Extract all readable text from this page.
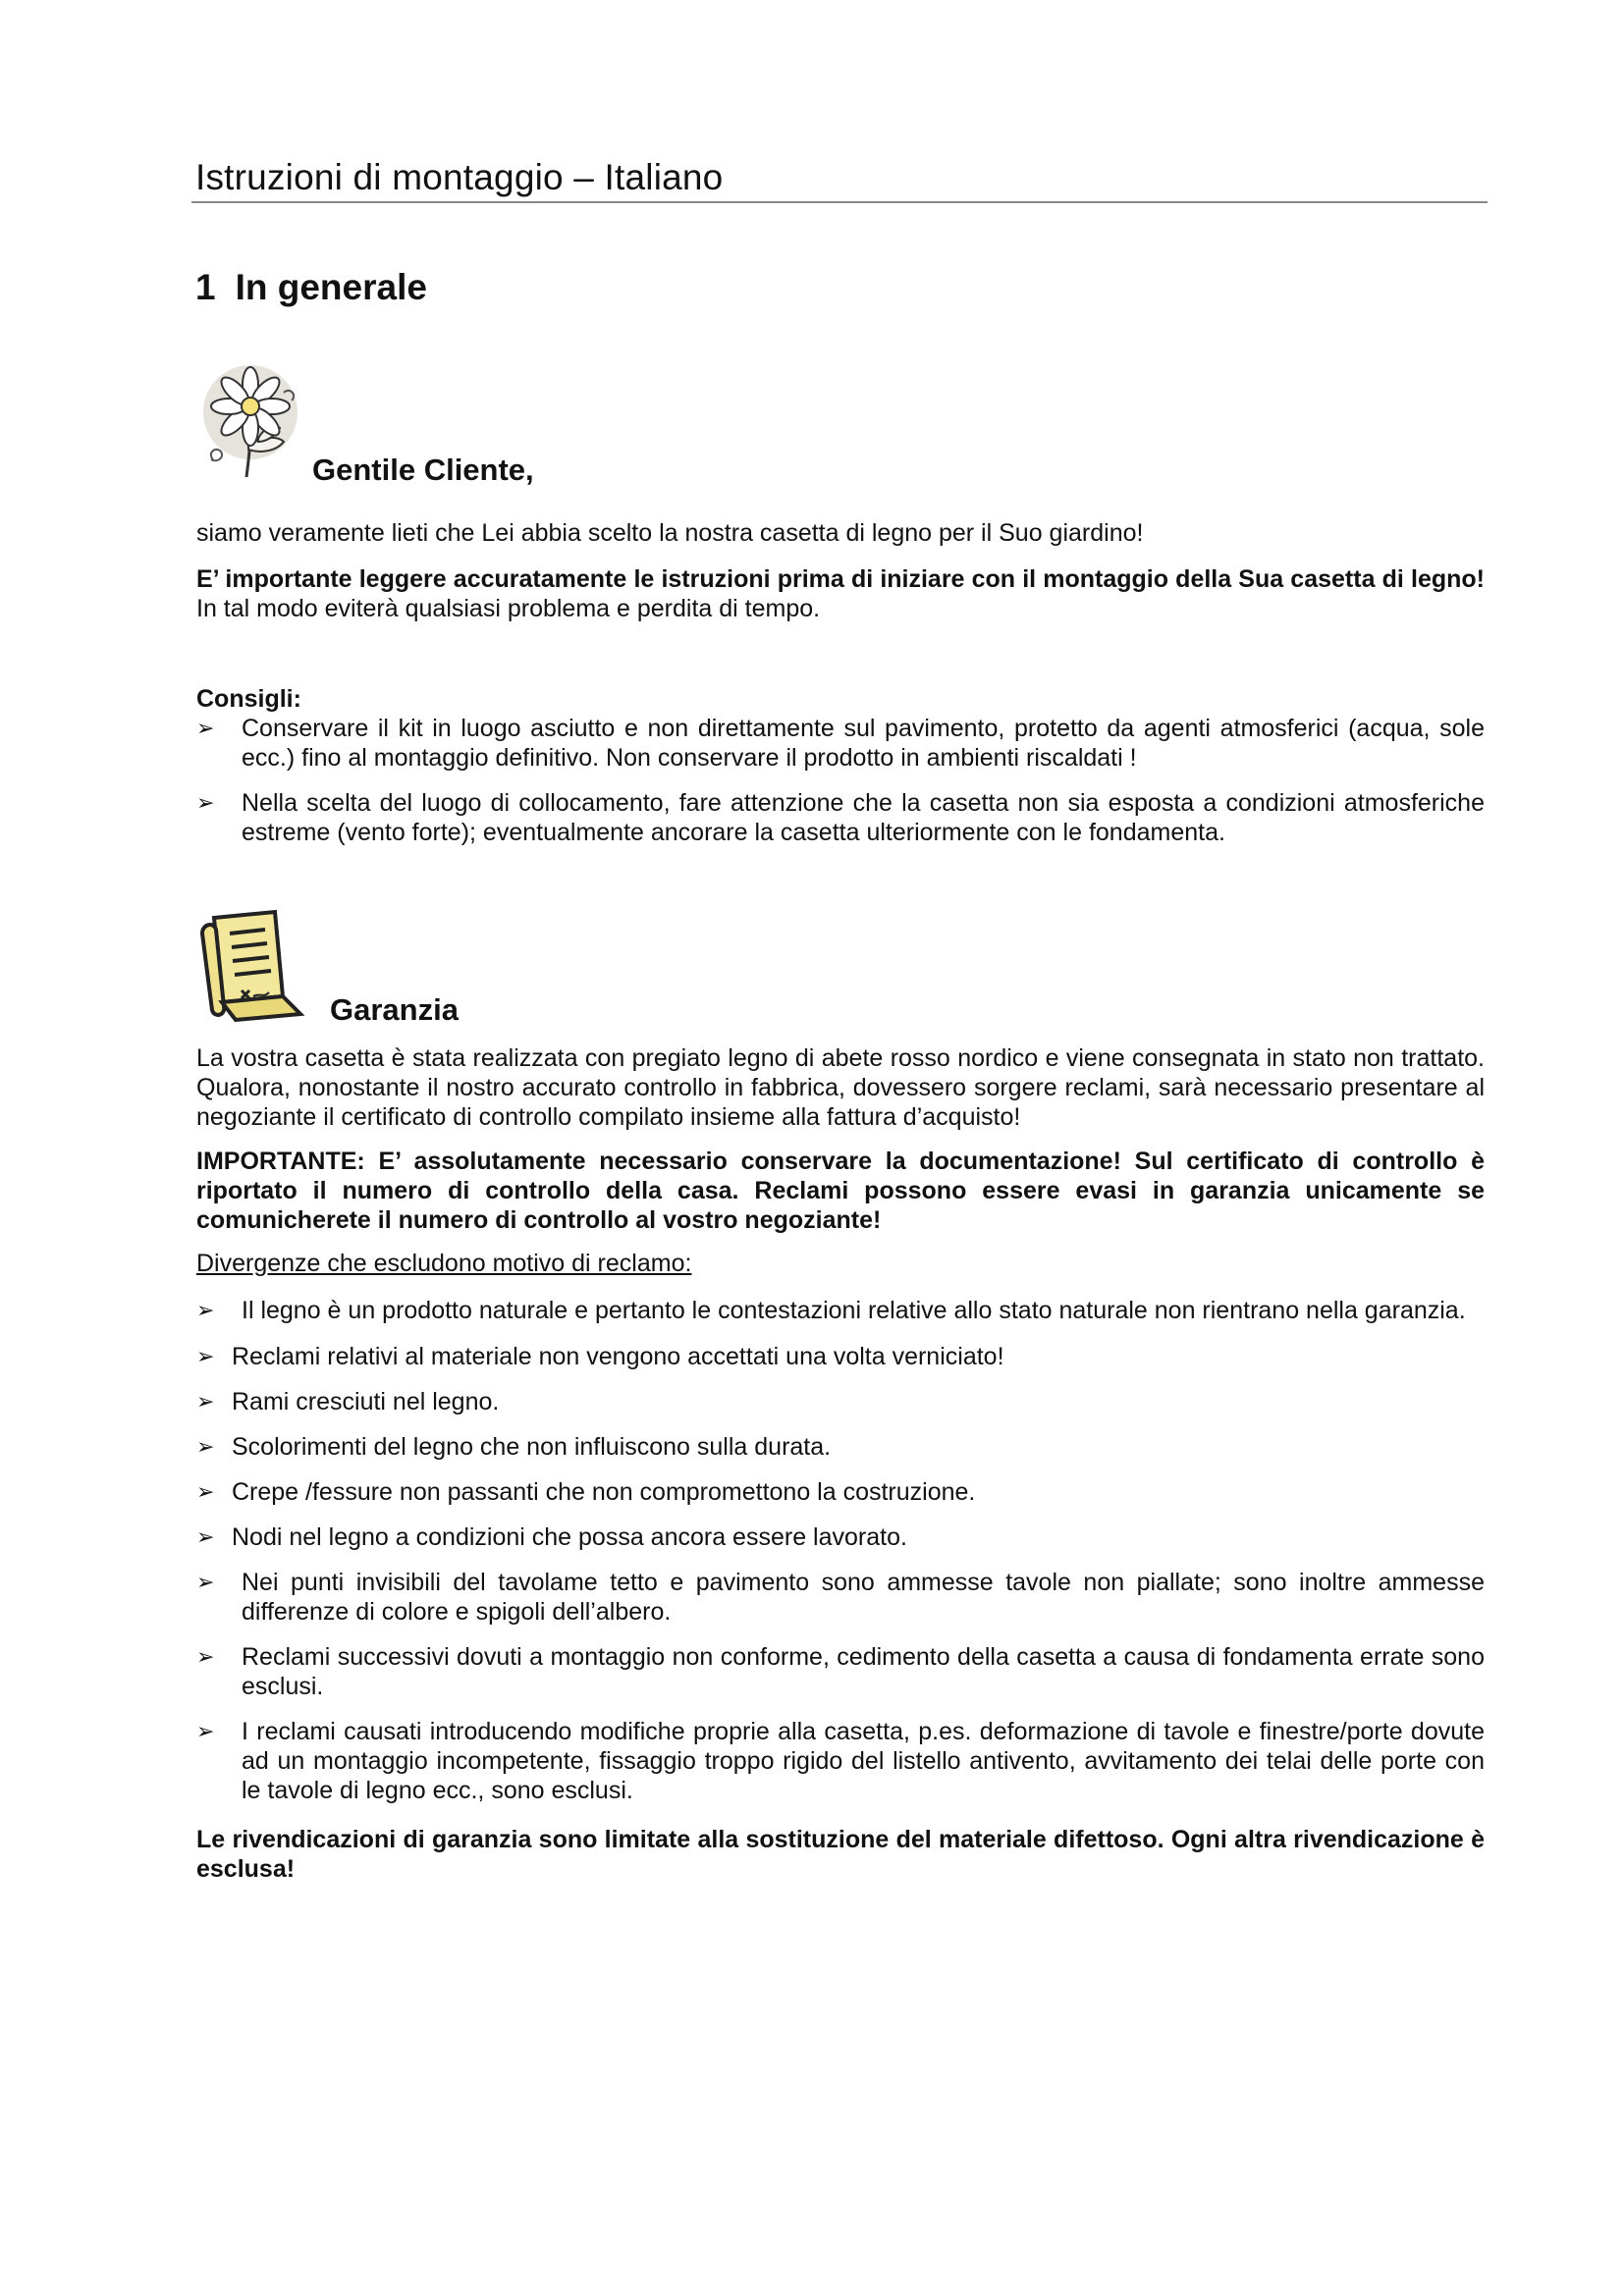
Istruzioni di montaggio – Italiano
1 In generale
Gentile Cliente,

siamo veramente lieti che Lei abbia scelto la nostra casetta di legno per il Suo giardino!

E’ importante leggere accuratamente le istruzioni prima di iniziare con il montaggio della Sua casetta di legno! In tal modo eviterà qualsiasi problema e perdita di tempo.

Consigli:

➢ Conservare il kit in luogo asciutto e non direttamente sul pavimento, protetto da agenti atmosferici (acqua, sole ecc.) fino al montaggio definitivo. Non conservare il prodotto in ambienti riscaldati !
➢ Nella scelta del luogo di collocamento, fare attenzione che la casetta non sia esposta a condizioni atmosferiche estreme (vento forte); eventualmente ancorare la casetta ulteriormente con le fondamenta.
Garanzia

La vostra casetta è stata realizzata con pregiato legno di abete rosso nordico e viene consegnata in stato non trattato. Qualora, nonostante il nostro accurato controllo in fabbrica, dovessero sorgere reclami, sarà necessario presentare al negoziante il certificato di controllo compilato insieme alla fattura d’acquisto!

IMPORTANTE: E’ assolutamente necessario conservare la documentazione! Sul certificato di controllo è riportato il numero di controllo della casa. Reclami possono essere evasi in garanzia unicamente se comunicherete il numero di controllo al vostro negoziante!

Divergenze che escludono motivo di reclamo:

➢ Il legno è un prodotto naturale e pertanto le contestazioni relative allo stato naturale non rientrano nella garanzia.
➢ Reclami relativi al materiale non vengono accettati una volta verniciato!
➢ Rami cresciuti nel legno.
➢ Scolorimenti del legno che non influiscono sulla durata.
➢ Crepe /fessure non passanti che non compromettono la costruzione.
➢ Nodi nel legno a condizioni che possa ancora essere lavorato.
➢ Nei punti invisibili del tavolame tetto e pavimento sono ammesse tavole non piallate; sono inoltre ammesse differenze di colore e spigoli dell’albero.
➢ Reclami successivi dovuti a montaggio non conforme, cedimento della casetta a causa di fondamenta errate sono esclusi.
➢ I reclami causati introducendo modifiche proprie alla casetta, p.es. deformazione di tavole e finestre/porte dovute ad un montaggio incompetente, fissaggio troppo rigido del listello antivento, avvitamento dei telai delle porte con le tavole di legno ecc., sono esclusi.

Le rivendicazioni di garanzia sono limitate alla sostituzione del materiale difettoso. Ogni altra rivendicazione è esclusa!
